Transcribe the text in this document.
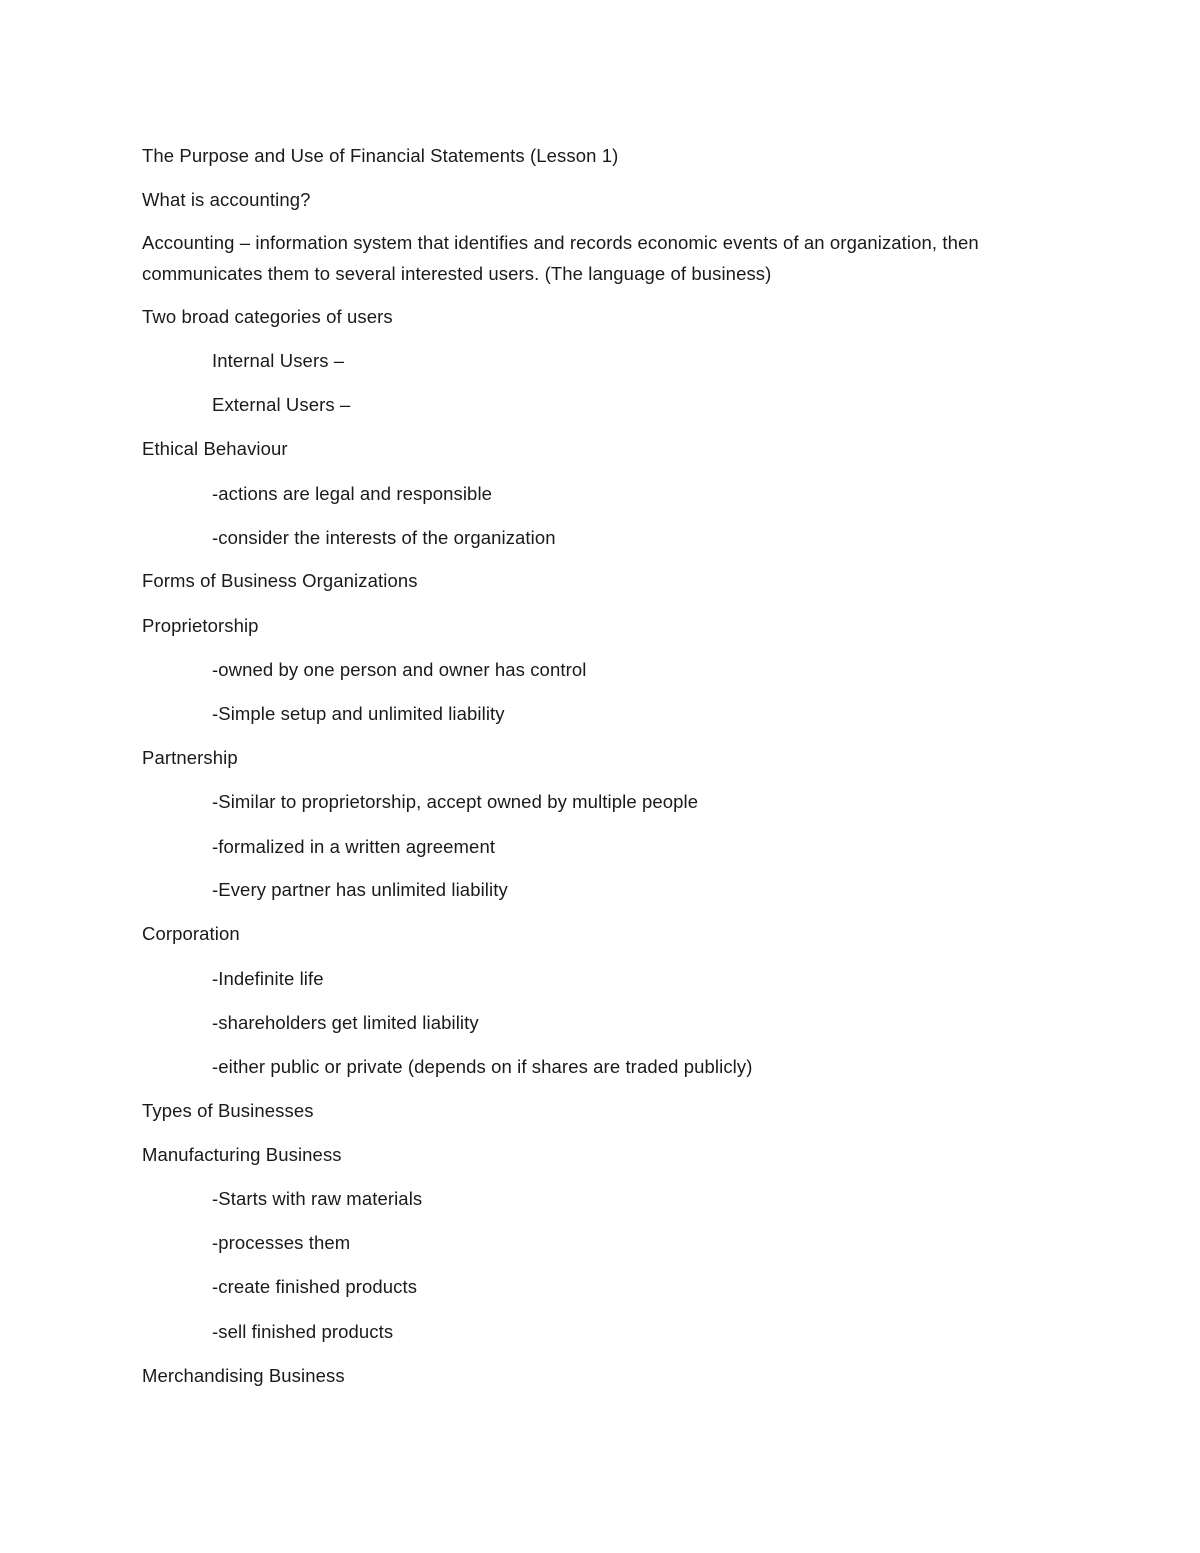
The Purpose and Use of Financial Statements (Lesson 1)
What is accounting?
Accounting – information system that identifies and records economic events of an organization, then
communicates them to several interested users. (The language of business)
Two broad categories of users
Internal Users –
External Users –
Ethical Behaviour
-actions are legal and responsible
-consider the interests of the organization
Forms of Business Organizations
Proprietorship
-owned by one person and owner has control
-Simple setup and unlimited liability
Partnership
-Similar to proprietorship, accept owned by multiple people
-formalized in a written agreement
-Every partner has unlimited liability
Corporation
-Indefinite life
-shareholders get limited liability
-either public or private (depends on if shares are traded publicly)
Types of Businesses
Manufacturing Business
-Starts with raw materials
-processes them
-create finished products
-sell finished products
Merchandising Business
